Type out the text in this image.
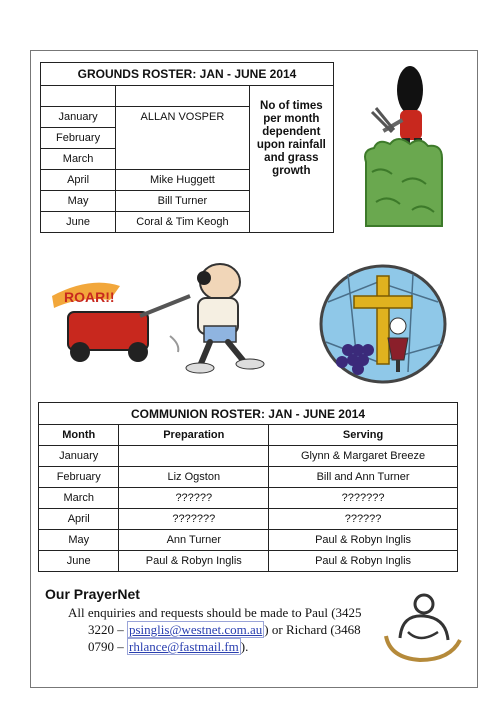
GROUNDS ROSTER: JAN - JUNE 2014		
		No of times per month dependent upon rainfall and grass growth
January	ALLAN VOSPER	
February		
March		
April	Mike Huggett	
May	Bill Turner	
June	Coral & Tim Keogh	
ROAR!!
COMMUNION ROSTER: JAN - JUNE 2014		
Month	Preparation	Serving
January		Glynn & Margaret Breeze
February	Liz Ogston	Bill and Ann Turner
March	??????	???????
April	???????	??????
May	Ann Turner	Paul & Robyn Inglis
June	Paul & Robyn Inglis	Paul & Robyn Inglis
Our PrayerNet
All enquiries and requests should be made to Paul (3425
3220 – psinglis@westnet.com.au ) or Richard (3468
0790 – rhlance@fastmail.fm ).
